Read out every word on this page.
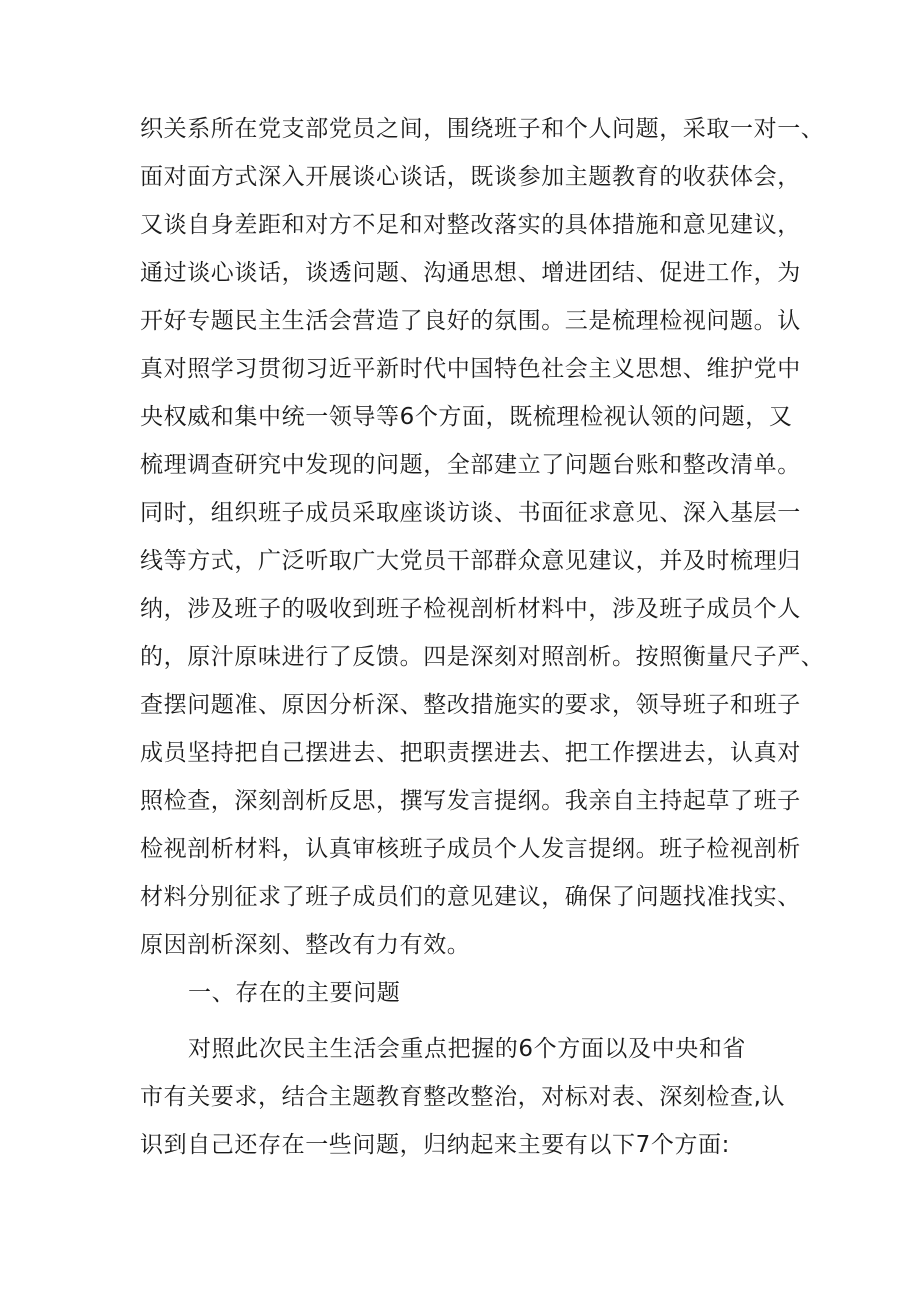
织关系所在党支部党员之间，围绕班子和个人问题，采取一对一、
面对面方式深入开展谈心谈话，既谈参加主题教育的收获体会，
又谈自身差距和对方不足和对整改落实的具体措施和意见建议，
通过谈心谈话，谈透问题、沟通思想、增进团结、促进工作，为
开好专题民主生活会营造了良好的氛围。三是梳理检视问题。认
真对照学习贯彻习近平新时代中国特色社会主义思想、维护党中
央权威和集中统一领导等6个方面，既梳理检视认领的问题，又
梳理调查研究中发现的问题，全部建立了问题台账和整改清单。
同时，组织班子成员采取座谈访谈、书面征求意见、深入基层一
线等方式，广泛听取广大党员干部群众意见建议，并及时梳理归
纳，涉及班子的吸收到班子检视剖析材料中，涉及班子成员个人
的，原汁原味进行了反馈。四是深刻对照剖析。按照衡量尺子严、
查摆问题准、原因分析深、整改措施实的要求，领导班子和班子
成员坚持把自己摆进去、把职责摆进去、把工作摆进去，认真对
照检查，深刻剖析反思，撰写发言提纲。我亲自主持起草了班子
检视剖析材料，认真审核班子成员个人发言提纲。班子检视剖析
材料分别征求了班子成员们的意见建议，确保了问题找准找实、
原因剖析深刻、整改有力有效。
一、存在的主要问题
对照此次民主生活会重点把握的6个方面以及中央和省
市有关要求，结合主题教育整改整治，对标对表、深刻检查,认
识到自己还存在一些问题，归纳起来主要有以下7个方面:
